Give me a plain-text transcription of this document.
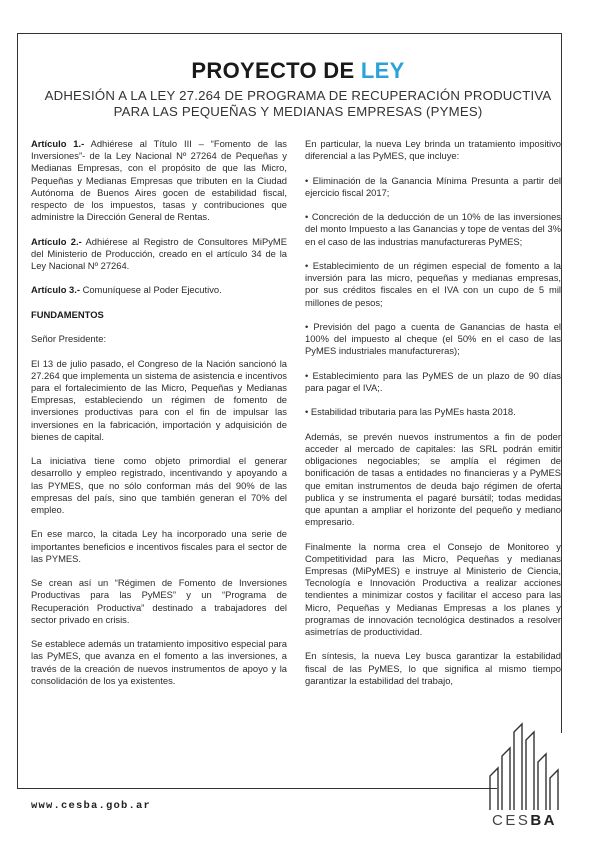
PROYECTO DE LEY
ADHESIÓN A LA LEY 27.264 DE PROGRAMA DE RECUPERACIÓN PRODUCTIVA
PARA LAS PEQUEÑAS Y MEDIANAS EMPRESAS (PYMES)

Artículo 1.- Adhiérese al Título III – “Fomento de las Inversiones”- de la Ley Nacional Nº 27264 de Pequeñas y Medianas Empresas, con el propósito de que las Micro, Pequeñas y Medianas Empresas que tributen en la Ciudad Autónoma de Buenos Aires gocen de estabilidad fiscal, respecto de los impuestos, tasas y contribuciones que administre la Dirección General de Rentas.

Artículo 2.- Adhiérese al Registro de Consultores MiPyME del Ministerio de Producción, creado en el artículo 34 de la Ley Nacional Nº 27264.

Artículo 3.- Comuníquese al Poder Ejecutivo.

FUNDAMENTOS

Señor Presidente:

El 13 de julio pasado, el Congreso de la Nación sancionó la 27.264 que implementa un sistema de asistencia e incentivos para el fortalecimiento de las Micro, Pequeñas y Medianas Empresas, estableciendo un régimen de fomento de inversiones productivas para con el fin de impulsar las inversiones en la fabricación, importación y adquisición de bienes de capital.

La iniciativa tiene como objeto primordial el generar desarrollo y empleo registrado, incentivando y apoyando a las PYMES, que no sólo conforman más del 90% de las empresas del país, sino que también generan el 70% del empleo.

En ese marco, la citada Ley ha incorporado una serie de importantes beneficios e incentivos fiscales para el sector de las PYMES.

Se crean así un “Régimen de Fomento de Inversiones Productivas para las PyMES” y un “Programa de Recuperación Productiva” destinado a trabajadores del sector privado en crisis.

Se establece además un tratamiento impositivo especial para las PyMES, que avanza en el fomento a las inversiones, a través de la creación de nuevos instrumentos de apoyo y la consolidación de los ya existentes.

En particular, la nueva Ley brinda un tratamiento impositivo diferencial a las PyMES, que incluye:

• Eliminación de la Ganancia Mínima Presunta a partir del ejercicio fiscal 2017;

• Concreción de la deducción de un 10% de las inversiones del monto Impuesto a las Ganancias y tope de ventas del 3% en el caso de las industrias manufactureras PyMES;

• Establecimiento de un régimen especial de fomento a la inversión para las micro, pequeñas y medianas empresas, por sus créditos fiscales en el IVA con un cupo de 5 mil millones de pesos;

• Previsión del pago a cuenta de Ganancias de hasta el 100% del impuesto al cheque (el 50% en el caso de las PyMES industriales manufactureras);

• Establecimiento para las PyMES de un plazo de 90 días para pagar el IVA;.

• Estabilidad tributaria para las PyMEs hasta 2018.

Además, se prevén nuevos instrumentos a fin de poder acceder al mercado de capitales: las SRL podrán emitir obligaciones negociables; se amplía el régimen de bonificación de tasas a entidades no financieras y a PyMES que emitan instrumentos de deuda bajo régimen de oferta publica y se instrumenta el pagaré bursátil; todas medidas que apuntan a ampliar el horizonte del pequeño y mediano empresario.

Finalmente la norma crea el Consejo de Monitoreo y Competitividad para las Micro, Pequeñas y medianas Empresas (MiPyMES) e instruye al Ministerio de Ciencia, Tecnología e Innovación Productiva a realizar acciones tendientes a minimizar costos y facilitar el acceso para las Micro, Pequeñas y Medianas Empresas a los planes y programas de innovación tecnológica destinados a resolver asimetrías de productividad.

En síntesis, la nueva Ley busca garantizar la estabilidad fiscal de las PyMES, lo que significa al mismo tiempo garantizar la estabilidad del trabajo,

www.cesba.gob.ar
CESBA
